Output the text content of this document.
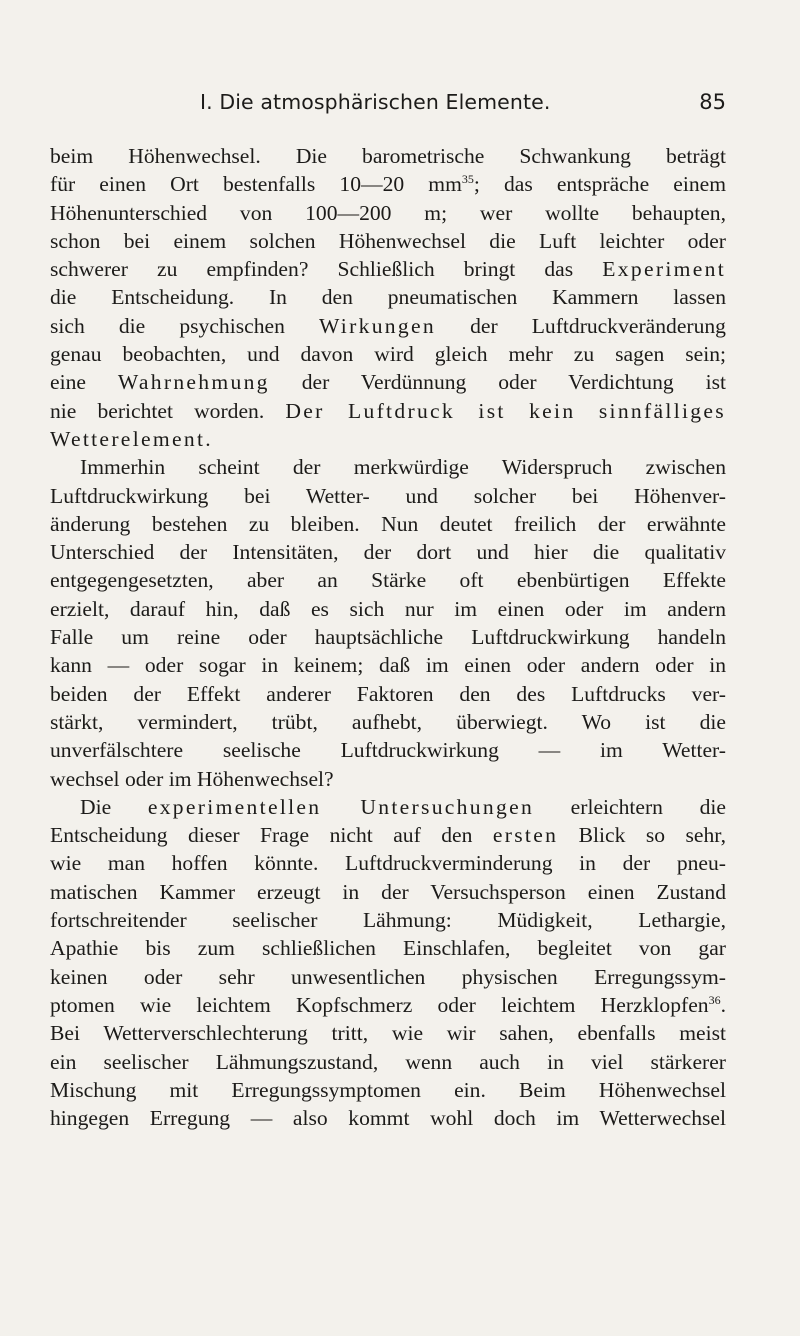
I. Die atmosphärischen Elemente.	85
beim Höhenwechsel. Die barometrische Schwankung beträgt
für einen Ort bestenfalls 10—20 $mm^{35}$; das entspräche einem
Höhenunterschied von 100—200 m; wer wollte behaupten,
schon bei einem solchen Höhenwechsel die Luft leichter oder
schwerer zu empfinden? Schließlich bringt das Experiment
die Entscheidung. In den pneumatischen Kammern lassen
sich die psychischen Wirkungen der Luftdruckveränderung
genau beobachten, und davon wird gleich mehr zu sagen sein;
eine Wahrnehmung der Verdünnung oder Verdichtung ist
nie berichtet worden. Der Luftdruck ist kein sinnfälliges
Wetterelement.
Immerhin scheint der merkwürdige Widerspruch zwischen
Luftdruckwirkung bei Wetter- und solcher bei Höhenver-
änderung bestehen zu bleiben. Nun deutet freilich der erwähnte
Unterschied der Intensitäten, der dort und hier die qualitativ
entgegengesetzten, aber an Stärke oft ebenbürtigen Effekte
erzielt, darauf hin, daß es sich nur im einen oder im andern
Falle um reine oder hauptsächliche Luftdruckwirkung handeln
kann — oder sogar in keinem; daß im einen oder andern oder in
beiden der Effekt anderer Faktoren den des Luftdrucks ver-
stärkt, vermindert, trübt, aufhebt, überwiegt. Wo ist die
unverfälschtere seelische Luftdruckwirkung — im Wetter-
wechsel oder im Höhenwechsel?
Die experimentellen Untersuchungen erleichtern die
Entscheidung dieser Frage nicht auf den ersten Blick so sehr,
wie man hoffen könnte. Luftdruckverminderung in der pneu-
matischen Kammer erzeugt in der Versuchsperson einen Zustand
fortschreitender seelischer Lähmung: Müdigkeit, Lethargie,
Apathie bis zum schließlichen Einschlafen, begleitet von gar
keinen oder sehr unwesentlichen physischen Erregungssym-
ptomen wie leichtem Kopfschmerz oder leichtem Herzklopfen$^{36}$.
Bei Wetterverschlechterung tritt, wie wir sahen, ebenfalls meist
ein seelischer Lähmungszustand, wenn auch in viel stärkerer
Mischung mit Erregungssymptomen ein. Beim Höhenwechsel
hingegen Erregung — also kommt wohl doch im Wetterwechsel
